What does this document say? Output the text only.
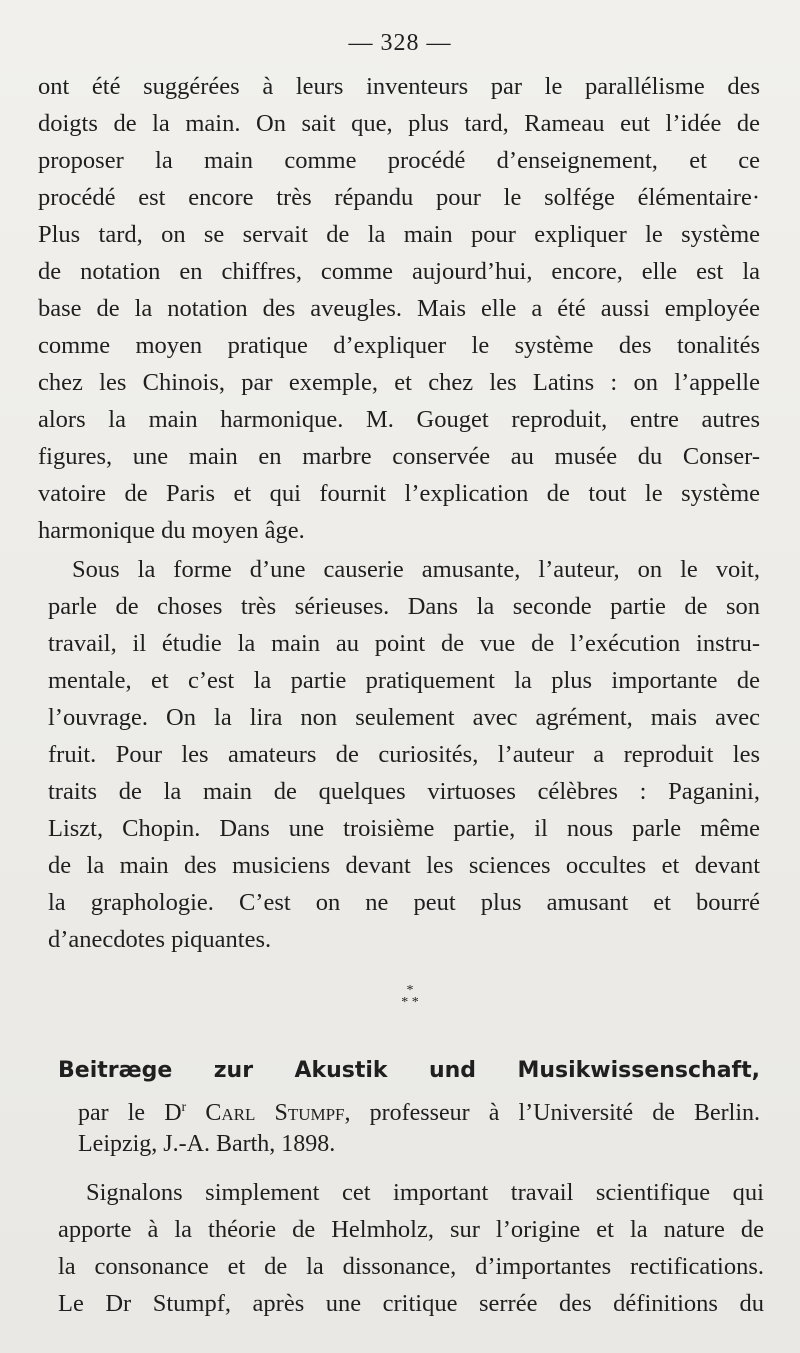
— 328 —
ont été suggérées à leurs inventeurs par le parallélisme des
doigts de la main. On sait que, plus tard, Rameau eut l’idée de
proposer la main comme procédé d’enseignement, et ce
procédé est encore très répandu pour le solfége élémentaire·
Plus tard, on se servait de la main pour expliquer le système
de notation en chiffres, comme aujourd’hui, encore, elle est la
base de la notation des aveugles. Mais elle a été aussi employée
comme moyen pratique d’expliquer le système des tonalités
chez les Chinois, par exemple, et chez les Latins : on l’appelle
alors la main harmonique. M. Gouget reproduit, entre autres
figures, une main en marbre conservée au musée du Conser-
vatoire de Paris et qui fournit l’explication de tout le système
harmonique du moyen âge.
Sous la forme d’une causerie amusante, l’auteur, on le voit,
parle de choses très sérieuses. Dans la seconde partie de son
travail, il étudie la main au point de vue de l’exécution instru-
mentale, et c’est la partie pratiquement la plus importante de
l’ouvrage. On la lira non seulement avec agrément, mais avec
fruit. Pour les amateurs de curiosités, l’auteur a reproduit les
traits de la main de quelques virtuoses célèbres : Paganini,
Liszt, Chopin. Dans une troisième partie, il nous parle même
de la main des musiciens devant les sciences occultes et devant
la graphologie. C’est on ne peut plus amusant et bourré
d’anecdotes piquantes.
*
* *
Beitræge zur Akustik und Musikwissenschaft,
par le $D^r$ Carl Stumpf, professeur à l’Université de Berlin.
Leipzig, J.-A. Barth, 1898.
Signalons simplement cet important travail scientifique qui
apporte à la théorie de Helmholz, sur l’origine et la nature de
la consonance et de la dissonance, d’importantes rectifications.
Le Dr Stumpf, après une critique serrée des définitions du
